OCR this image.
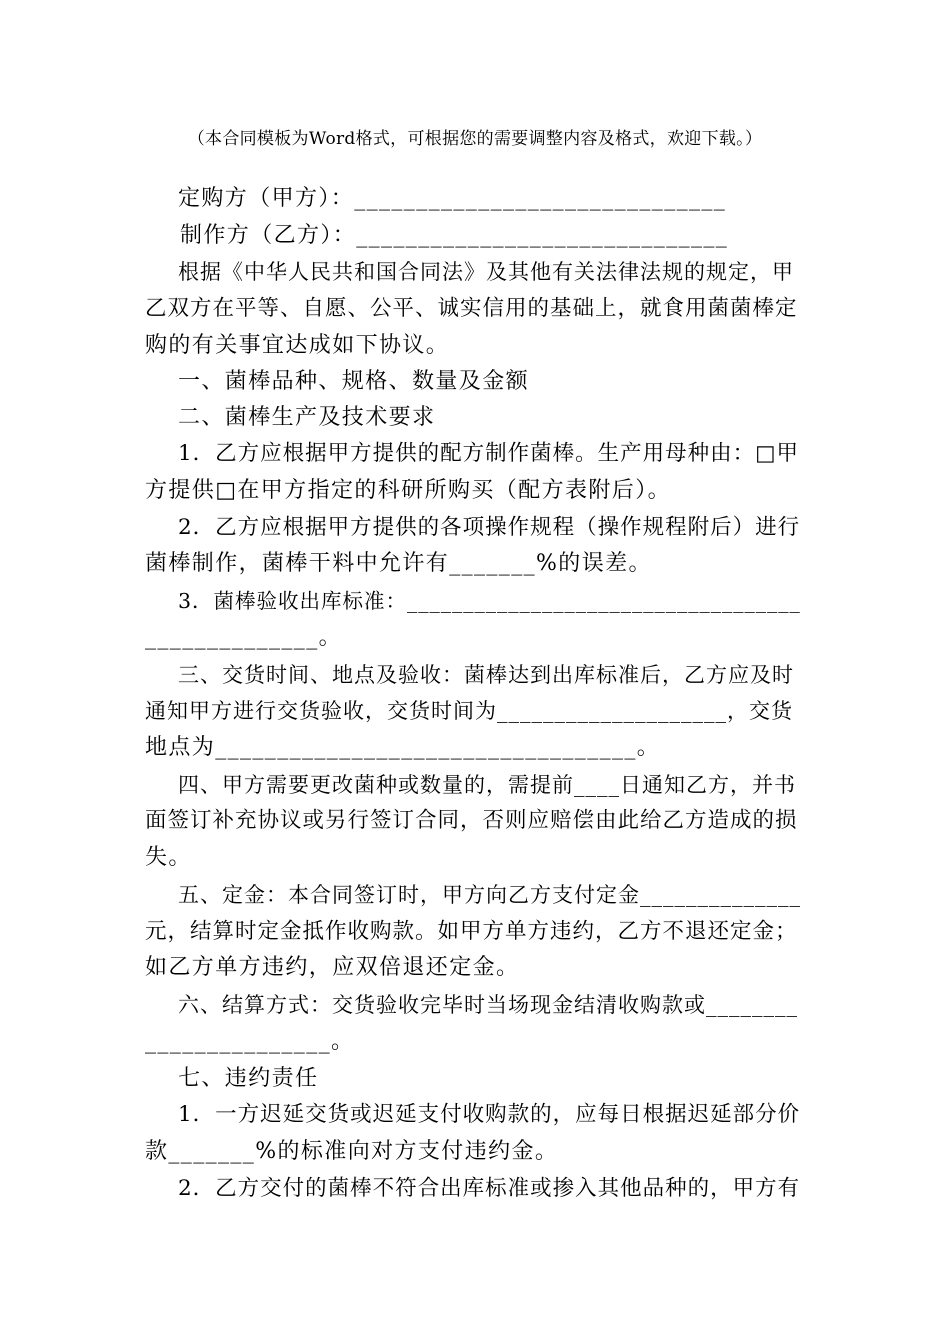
（本合同模板为Word格式，可根据您的需要调整内容及格式，欢迎下载。）
定购方（甲方）：______________________________
制作方（乙方）：______________________________
根据《中华人民共和国合同法》及其他有关法律法规的规定，甲
乙双方在平等、自愿、公平、诚实信用的基础上，就食用菌菌棒定
购的有关事宜达成如下协议。
一、菌棒品种、规格、数量及金额
二、菌棒生产及技术要求
1．乙方应根据甲方提供的配方制作菌棒。生产用母种由：□甲
方提供□在甲方指定的科研所购买（配方表附后）。
2．乙方应根据甲方提供的各项操作规程（操作规程附后）进行
菌棒制作，菌棒干料中允许有_______%的误差。
3．菌棒验收出库标准：___________________________________
______________。
三、交货时间、地点及验收：菌棒达到出库标准后，乙方应及时
通知甲方进行交货验收，交货时间为____________________，交货
地点为__________________________________。
四、甲方需要更改菌种或数量的，需提前____日通知乙方，并书
面签订补充协议或另行签订合同，否则应赔偿由此给乙方造成的损
失。
五、定金：本合同签订时，甲方向乙方支付定金______________
元，结算时定金抵作收购款。如甲方单方违约，乙方不退还定金；
如乙方单方违约，应双倍退还定金。
六、结算方式：交货验收完毕时当场现金结清收购款或________
_______________。
七、违约责任
1．一方迟延交货或迟延支付收购款的，应每日根据迟延部分价
款_______%的标准向对方支付违约金。
2．乙方交付的菌棒不符合出库标准或掺入其他品种的，甲方有
